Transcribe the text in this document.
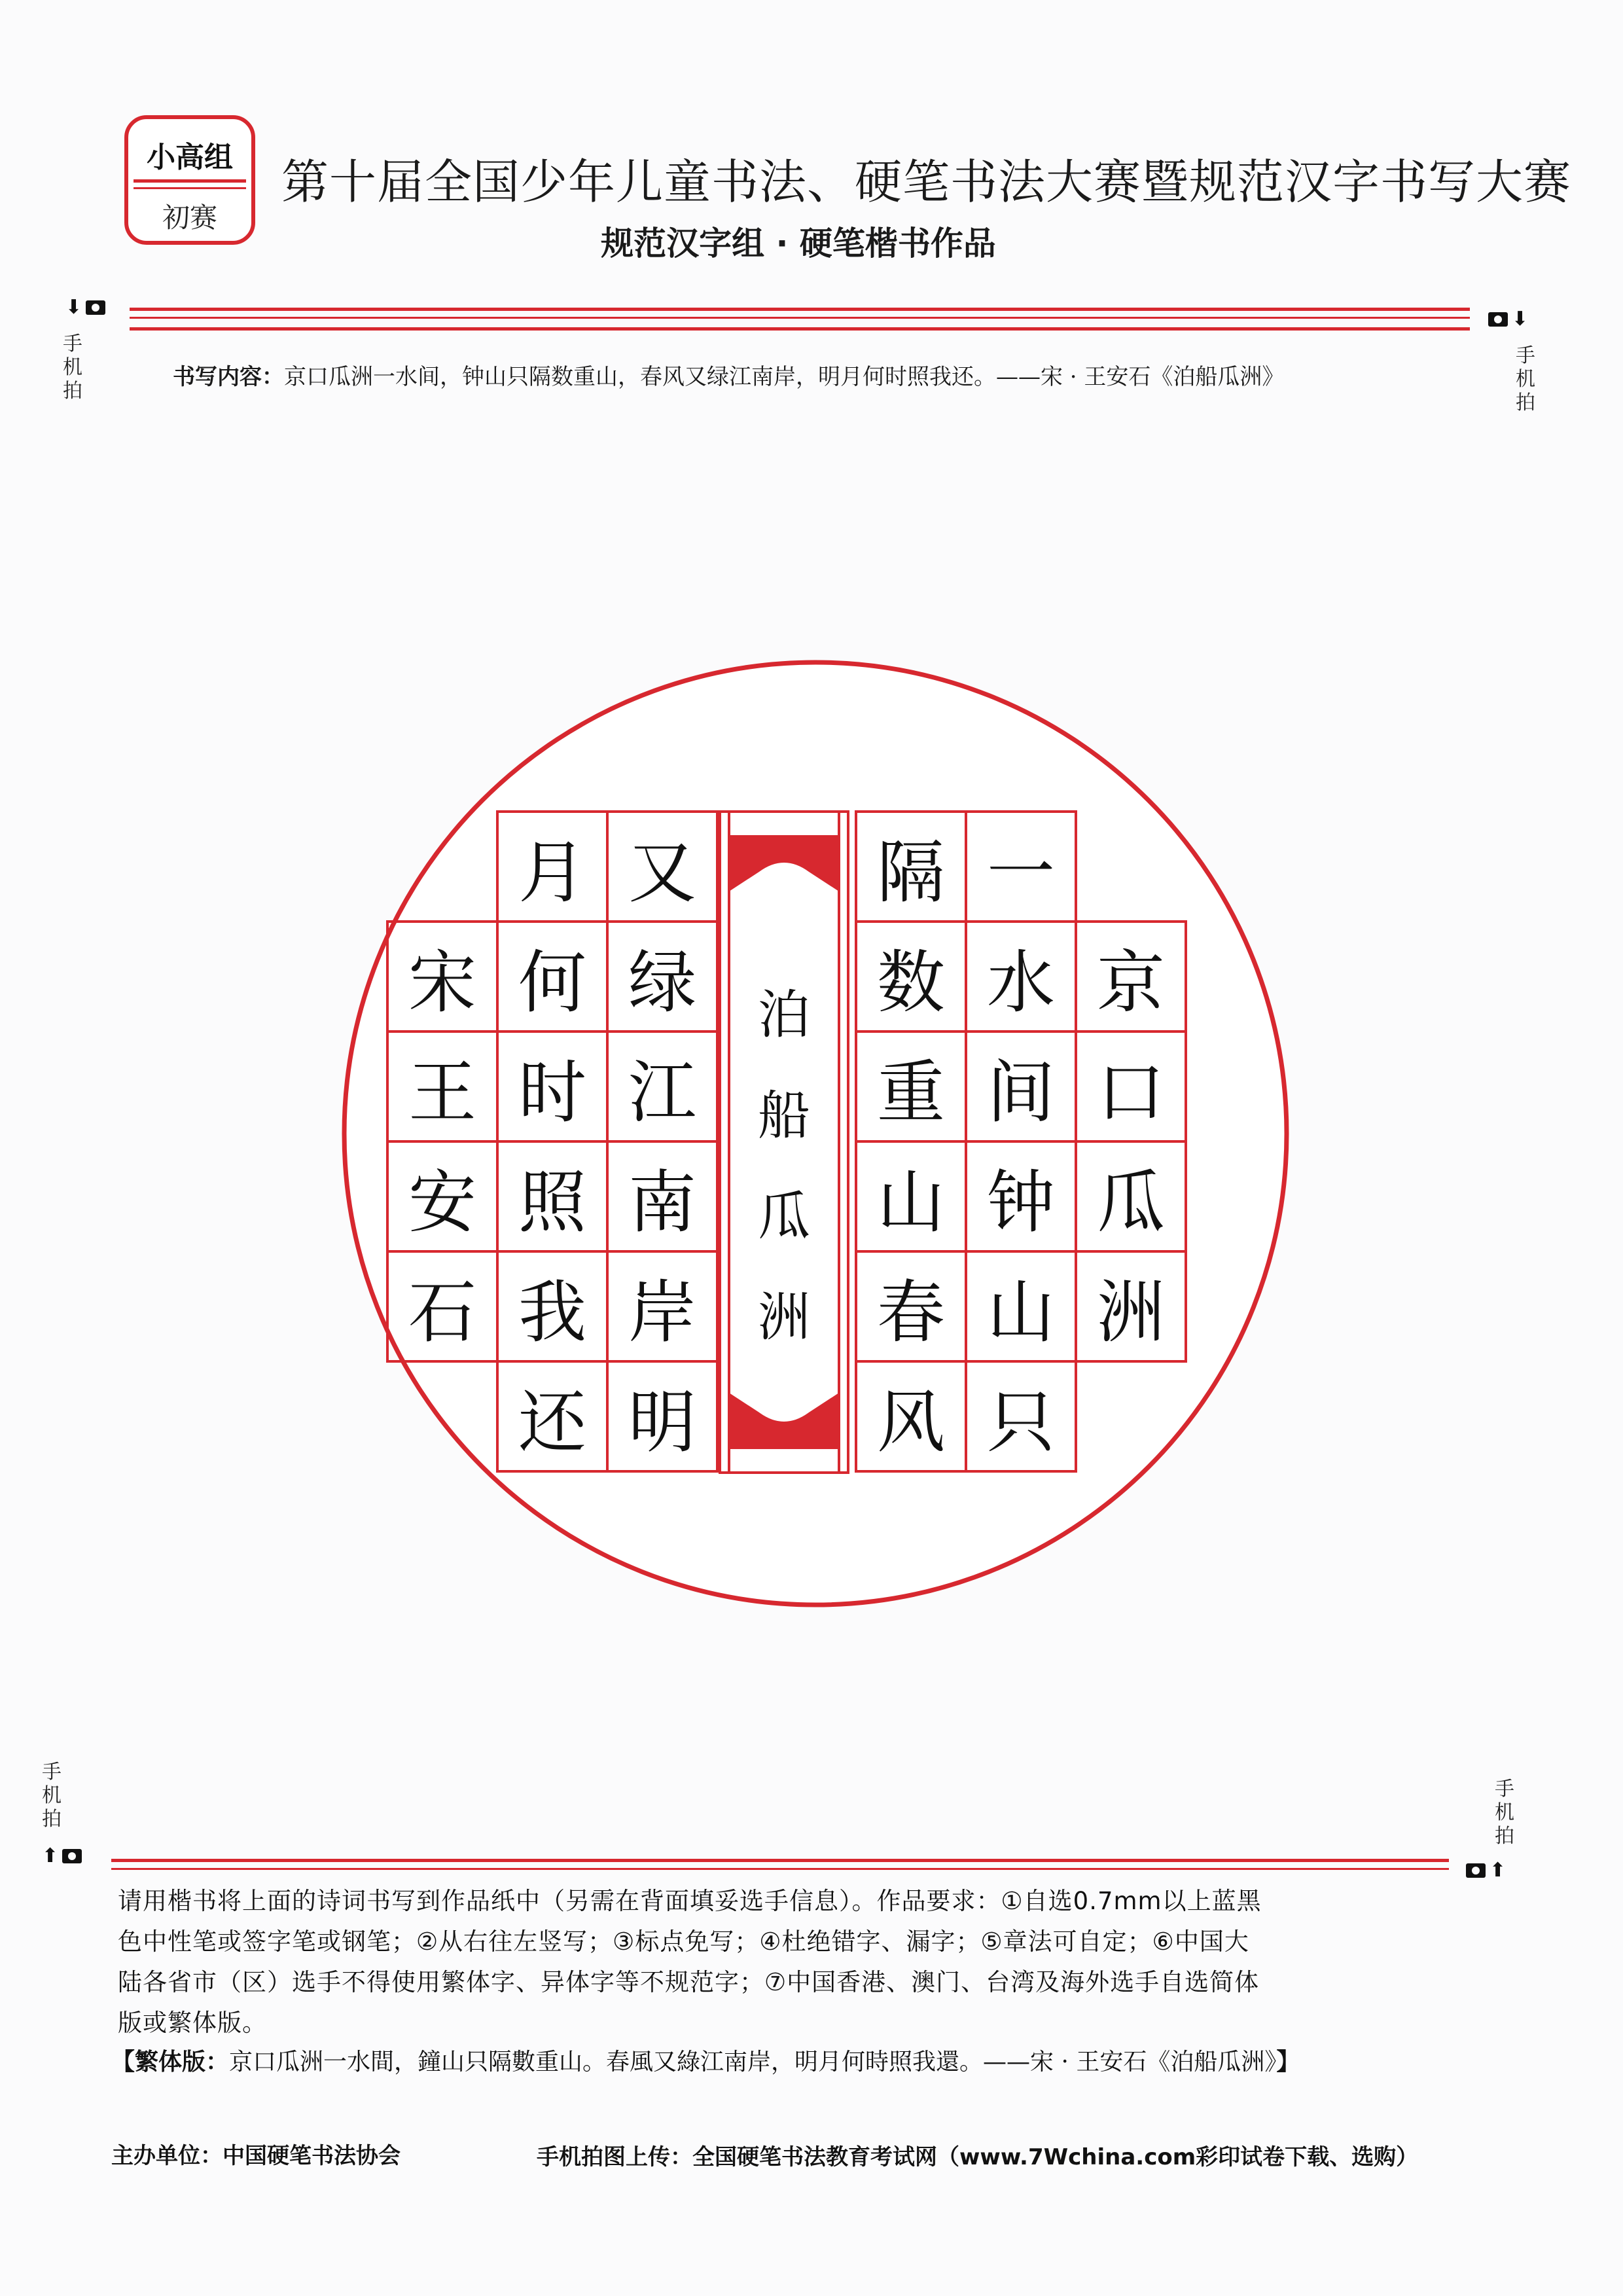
小高组
初赛
第十届全国少年儿童书法、硬笔书法大赛暨规范汉字书写大赛
规范汉字组 · 硬笔楷书作品
⬇
手机拍
⬇
手机拍
书写内容：京口瓜洲一水间，钟山只隔数重山，春风又绿江南岸，明月何时照我还。——宋 · 王安石《泊船瓜洲》
京
口
瓜
洲
一
水
间
钟
山
只
隔
数
重
山
春
风
又
绿
江
南
岸
明
月
何
时
照
我
还
宋
王
安
石
泊
船
瓜
洲
手机拍
⬆
手机拍
⬆
请用楷书将上面的诗词书写到作品纸中（另需在背面填妥选手信息）。作品要求：①自选0.7mm以上蓝黑
色中性笔或签字笔或钢笔；②从右往左竖写；③标点免写；④杜绝错字、漏字；⑤章法可自定；⑥中国大
陆各省市（区）选手不得使用繁体字、异体字等不规范字；⑦中国香港、澳门、台湾及海外选手自选简体
版或繁体版。
【繁体版：京口瓜洲一水間，鐘山只隔數重山。春風又綠江南岸，明月何時照我還。——宋 · 王安石《泊船瓜洲》】
主办单位：中国硬笔书法协会	手机拍图上传：全国硬笔书法教育考试网（www.7Wchina.com彩印试卷下载、选购）
